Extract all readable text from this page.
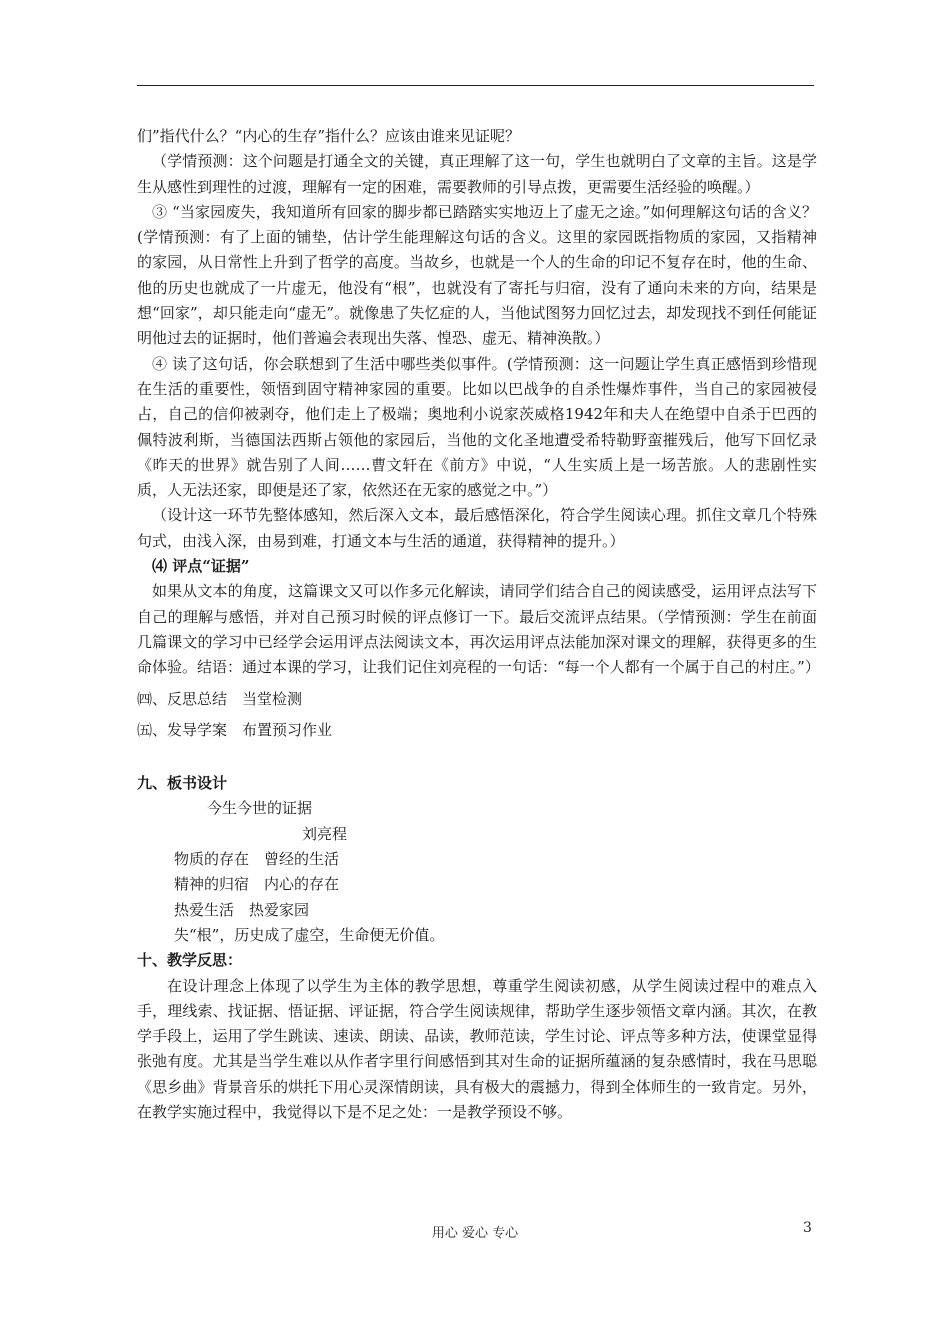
们”指代什么？“内心的生存”指什么？应该由谁来见证呢？

（学情预测：这个问题是打通全文的关键，真正理解了这一句，学生也就明白了文章的主旨。这是学生从感性到理性的过渡，理解有一定的困难，需要教师的引导点拨，更需要生活经验的唤醒。）

③ “当家园废失，我知道所有回家的脚步都已踏踏实实地迈上了虚无之途。”如何理解这句话的含义？(学情预测：有了上面的铺垫，估计学生能理解这句话的含义。这里的家园既指物质的家园，又指精神的家园，从日常性上升到了哲学的高度。当故乡，也就是一个人的生命的印记不复存在时，他的生命、他的历史也就成了一片虚无，他没有“根”，也就没有了寄托与归宿，没有了通向未来的方向，结果是想“回家”，却只能走向“虚无”。就像患了失忆症的人，当他试图努力回忆过去，却发现找不到任何能证明他过去的证据时，他们普遍会表现出失落、惶恐、虚无、精神涣散。）

④ 读了这句话，你会联想到了生活中哪些类似事件。(学情预测：这一问题让学生真正感悟到珍惜现在生活的重要性，领悟到固守精神家园的重要。比如以巴战争的自杀性爆炸事件，当自己的家园被侵占，自己的信仰被剥夺，他们走上了极端；奥地利小说家茨威格1942年和夫人在绝望中自杀于巴西的佩特波利斯，当德国法西斯占领他的家园后，当他的文化圣地遭受希特勒野蛮摧残后，他写下回忆录《昨天的世界》就告别了人间……曹文轩在《前方》中说，“人生实质上是一场苦旅。人的悲剧性实质，人无法还家，即便是还了家，依然还在无家的感觉之中。”）

（设计这一环节先整体感知，然后深入文本，最后感悟深化，符合学生阅读心理。抓住文章几个特殊句式，由浅入深，由易到难，打通文本与生活的通道，获得精神的提升。）

⑷ 评点“证据”

如果从文本的角度，这篇课文又可以作多元化解读，请同学们结合自己的阅读感受，运用评点法写下自己的理解与感悟，并对自己预习时候的评点修订一下。最后交流评点结果。（学情预测：学生在前面几篇课文的学习中已经学会运用评点法阅读文本，再次运用评点法能加深对课文的理解，获得更多的生命体验。结语：通过本课的学习，让我们记住刘亮程的一句话：“每一个人都有一个属于自己的村庄。”）

㈣、反思总结　当堂检测

㈤、发导学案　布置预习作业

九、板书设计

今生今世的证据

刘亮程

物质的存在　曾经的生活

精神的归宿　内心的存在

热爱生活　热爱家园

失“根”，历史成了虚空，生命便无价值。

十、教学反思：

在设计理念上体现了以学生为主体的教学思想，尊重学生阅读初感，从学生阅读过程中的难点入手，理线索、找证据、悟证据、评证据，符合学生阅读规律，帮助学生逐步领悟文章内涵。其次，在教学手段上，运用了学生跳读、速读、朗读、品读，教师范读，学生讨论、评点等多种方法，使课堂显得张弛有度。尤其是当学生难以从作者字里行间感悟到其对生命的证据所蕴涵的复杂感情时，我在马思聪《思乡曲》背景音乐的烘托下用心灵深情朗读，具有极大的震撼力，得到全体师生的一致肯定。另外，在教学实施过程中，我觉得以下是不足之处：一是教学预设不够。

用心 爱心 专心	3
